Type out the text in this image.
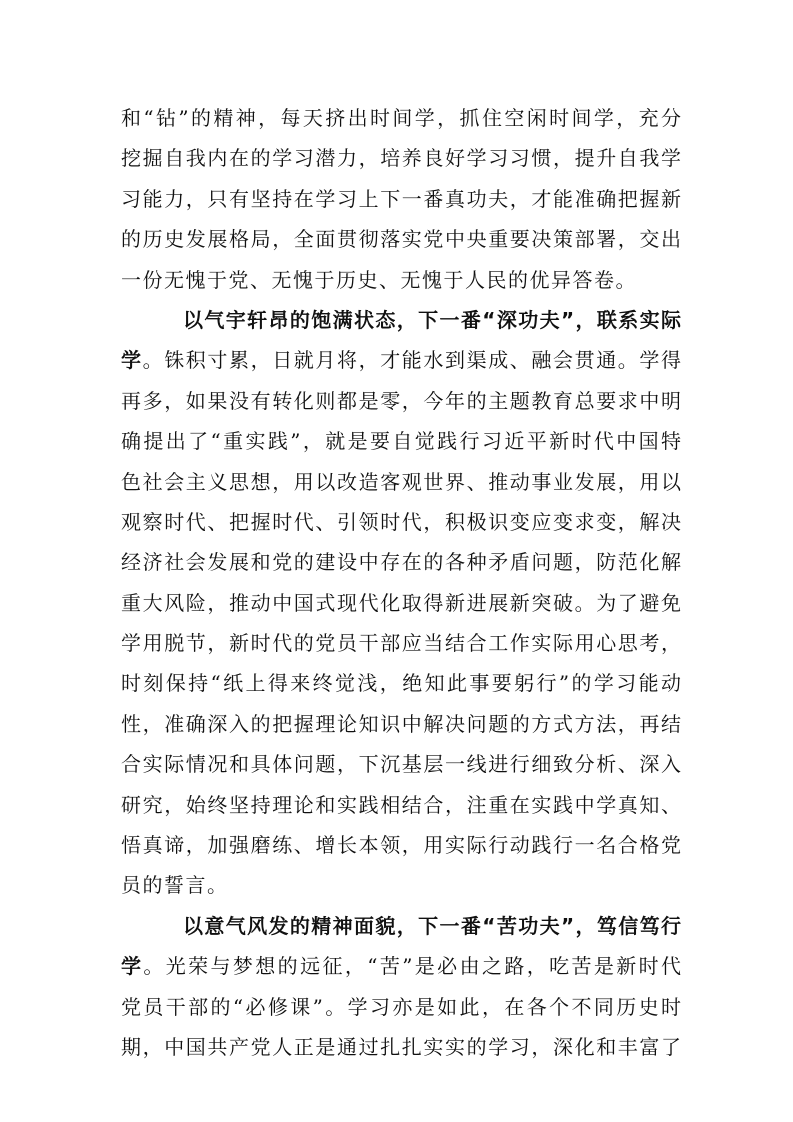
和“钻”的精神，每天挤出时间学，抓住空闲时间学，充分
挖掘自我内在的学习潜力，培养良好学习习惯，提升自我学
习能力，只有坚持在学习上下一番真功夫，才能准确把握新
的历史发展格局，全面贯彻落实党中央重要决策部署，交出
一份无愧于党、无愧于历史、无愧于人民的优异答卷。
以气宇轩昂的饱满状态，下一番“深功夫”，联系实际
学。铢积寸累，日就月将，才能水到渠成、融会贯通。学得
再多，如果没有转化则都是零，今年的主题教育总要求中明
确提出了“重实践”，就是要自觉践行习近平新时代中国特
色社会主义思想，用以改造客观世界、推动事业发展，用以
观察时代、把握时代、引领时代，积极识变应变求变，解决
经济社会发展和党的建设中存在的各种矛盾问题，防范化解
重大风险，推动中国式现代化取得新进展新突破。为了避免
学用脱节，新时代的党员干部应当结合工作实际用心思考，
时刻保持“纸上得来终觉浅，绝知此事要躬行”的学习能动
性，准确深入的把握理论知识中解决问题的方式方法，再结
合实际情况和具体问题，下沉基层一线进行细致分析、深入
研究，始终坚持理论和实践相结合，注重在实践中学真知、
悟真谛，加强磨练、增长本领，用实际行动践行一名合格党
员的誓言。
以意气风发的精神面貌，下一番“苦功夫”，笃信笃行
学。光荣与梦想的远征，“苦”是必由之路，吃苦是新时代
党员干部的“必修课”。学习亦是如此，在各个不同历史时
期，中国共产党人正是通过扎扎实实的学习，深化和丰富了
